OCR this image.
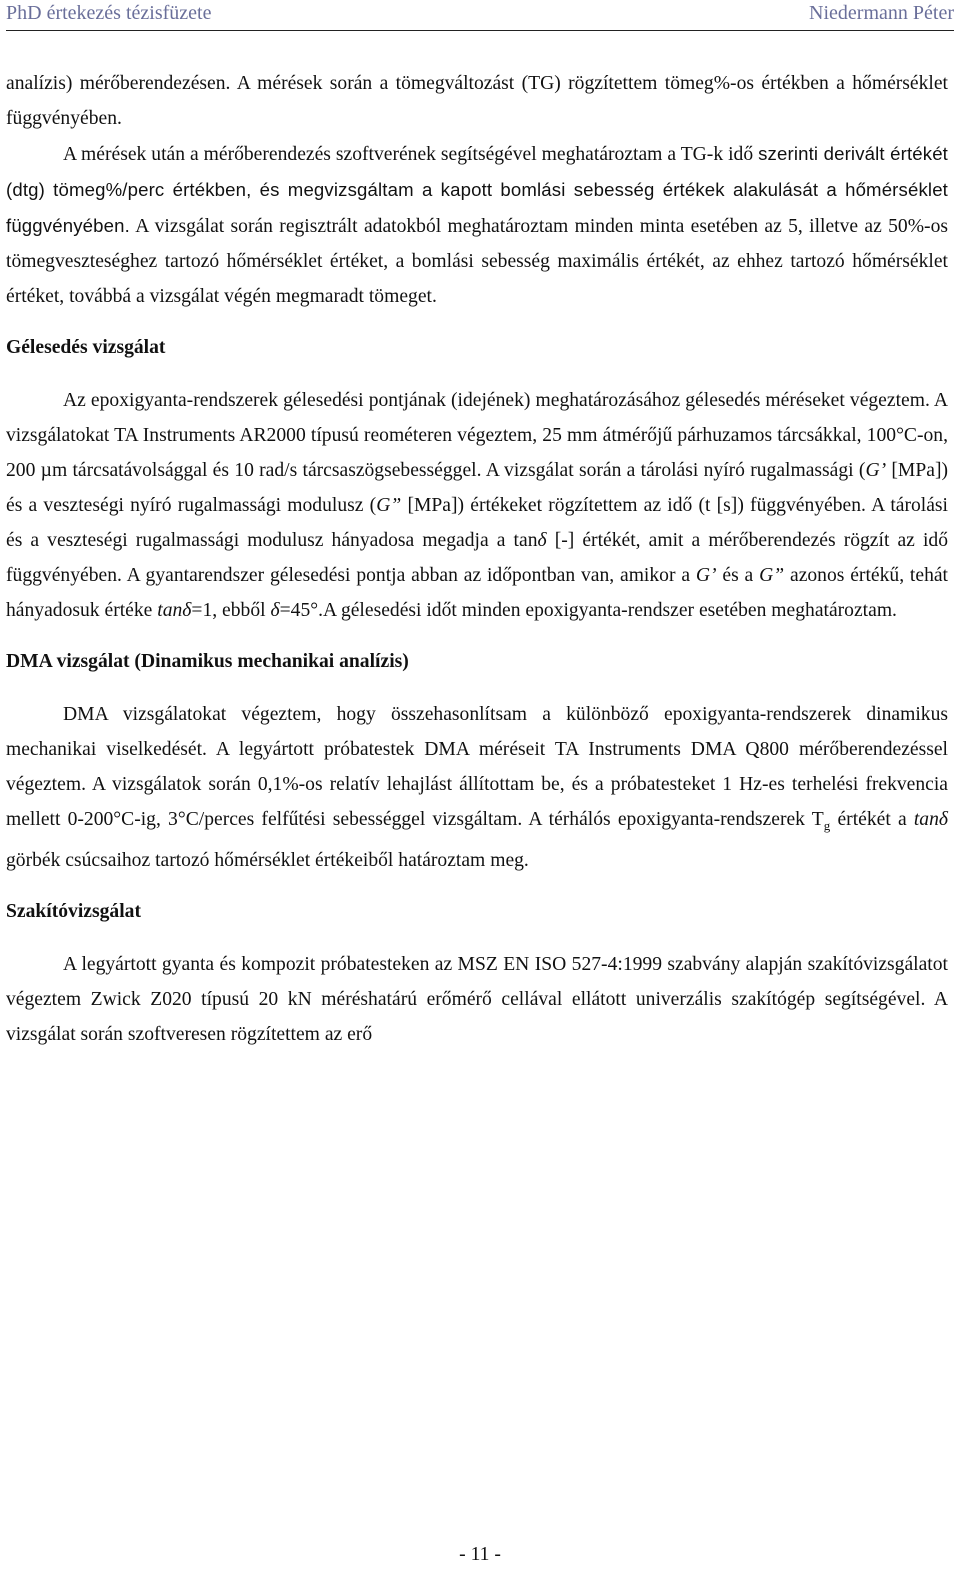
PhD értekezés tézisfüzete	Niedermann Péter

analízis) mérőberendezésen. A mérések során a tömegváltozást (TG) rögzítettem tömeg%-os értékben a hőmérséklet függvényében.

A mérések után a mérőberendezés szoftverének segítségével meghatároztam a TG-k idő szerinti derivált értékét (dtg) tömeg%/perc értékben, és megvizsgáltam a kapott bomlási sebesség értékek alakulását a hőmérséklet függvényében. A vizsgálat során regisztrált adatokból meghatároztam minden minta esetében az 5, illetve az 50%-os tömegveszteséghez tartozó hőmérséklet értéket, a bomlási sebesség maximális értékét, az ehhez tartozó hőmérséklet értéket, továbbá a vizsgálat végén megmaradt tömeget.

Gélesedés vizsgálat

Az epoxigyanta-rendszerek gélesedési pontjának (idejének) meghatározásához gélesedés méréseket végeztem. A vizsgálatokat TA Instruments AR2000 típusú reométeren végeztem, 25 mm átmérőjű párhuzamos tárcsákkal, 100°C-on, 200 µm tárcsatávolsággal és 10 rad/s tárcsaszögsebességgel. A vizsgálat során a tárolási nyíró rugalmassági (G’ [MPa]) és a veszteségi nyíró rugalmassági modulusz (G” [MPa]) értékeket rögzítettem az idő (t [s]) függvényében. A tárolási és a veszteségi rugalmassági modulusz hányadosa megadja a tanδ [-] értékét, amit a mérőberendezés rögzít az idő függvényében. A gyantarendszer gélesedési pontja abban az időpontban van, amikor a G’ és a G” azonos értékű, tehát hányadosuk értéke tanδ=1, ebből δ=45°.A gélesedési időt minden epoxigyanta-rendszer esetében meghatároztam.

DMA vizsgálat (Dinamikus mechanikai analízis)

DMA vizsgálatokat végeztem, hogy összehasonlítsam a különböző epoxigyanta-rendszerek dinamikus mechanikai viselkedését. A legyártott próbatestek DMA méréseit TA Instruments DMA Q800 mérőberendezéssel végeztem. A vizsgálatok során 0,1%-os relatív lehajlást állítottam be, és a próbatesteket 1 Hz-es terhelési frekvencia mellett 0-200°C-ig, 3°C/perces felfűtési sebességgel vizsgáltam. A térhálós epoxigyanta-rendszerek $T_g$ értékét a tanδ görbék csúcsaihoz tartozó hőmérséklet értékeiből határoztam meg.

Szakítóvizsgálat

A legyártott gyanta és kompozit próbatesteken az MSZ EN ISO 527-4:1999 szabvány alapján szakítóvizsgálatot végeztem Zwick Z020 típusú 20 kN méréshatárú erőmérő cellával ellátott univerzális szakítógép segítségével. A vizsgálat során szoftveresen rögzítettem az erő

- 11 -
